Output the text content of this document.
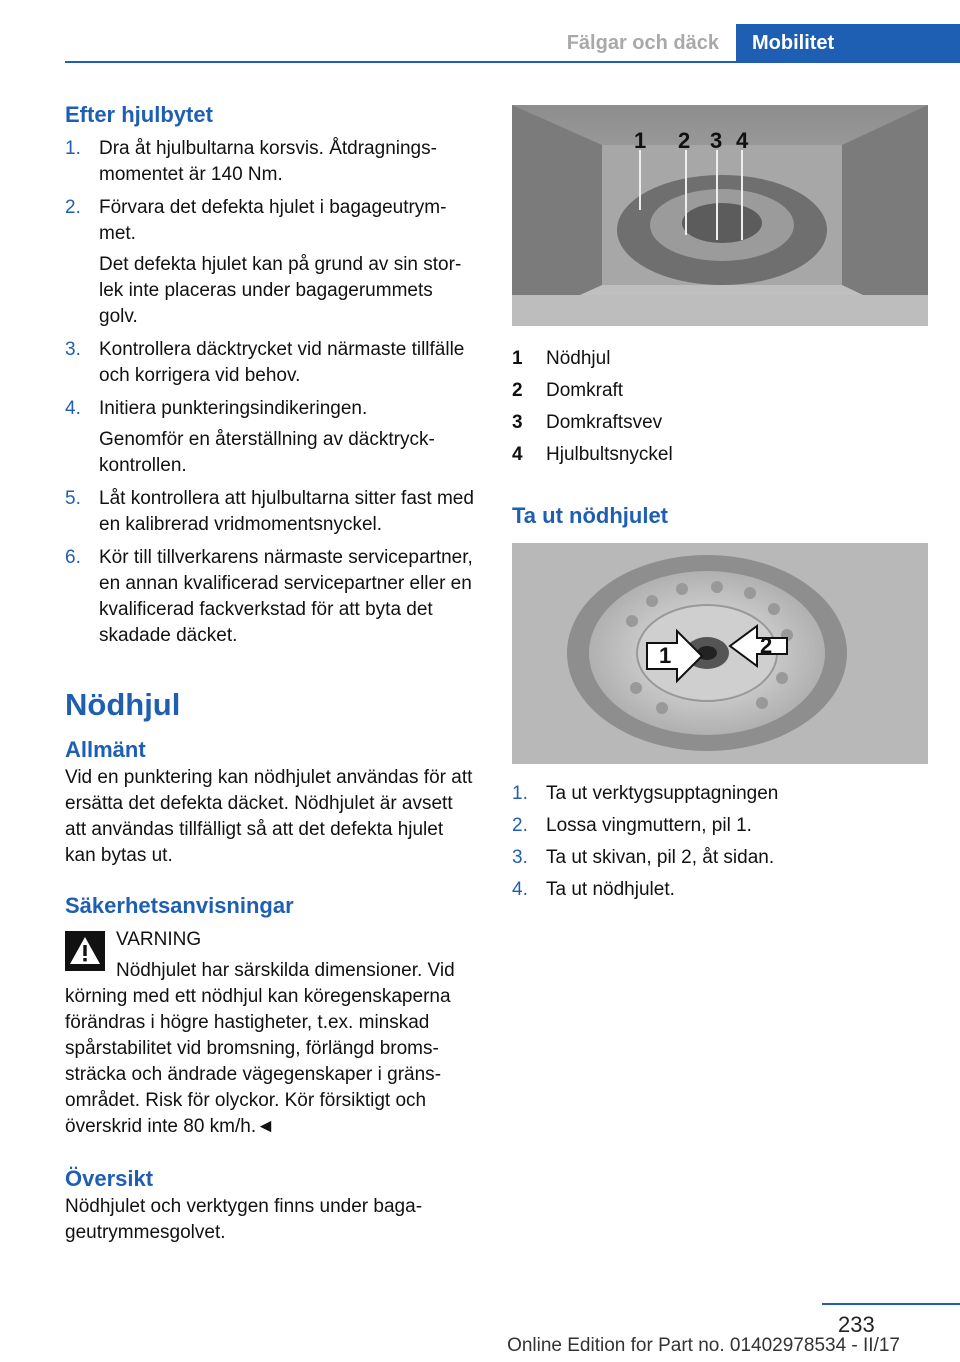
Fälgar och däck	Mobilitet
Efter hjulbytet
1. Dra åt hjulbultarna korsvis. Åtdragningsmomentet är 140 Nm.
2. Förvara det defekta hjulet i bagageutrymmet.
Det defekta hjulet kan på grund av sin storlek inte placeras under bagagerummets golv.
3. Kontrollera däcktrycket vid närmaste tillfälle och korrigera vid behov.
4. Initiera punkteringsindikeringen.
Genomför en återställning av däcktryckkontrollen.
5. Låt kontrollera att hjulbultarna sitter fast med en kalibrerad vridmomentsnyckel.
6. Kör till tillverkarens närmaste servicepartner, en annan kvalificerad servicepartner eller en kvalificerad fackverkstad för att byta det skadade däcket.
Nödhjul
Allmänt
Vid en punktering kan nödhjulet användas för att ersätta det defekta däcket. Nödhjulet är avsett att användas tillfälligt så att det defekta hjulet kan bytas ut.
Säkerhetsanvisningar
VARNING
Nödhjulet har särskilda dimensioner. Vid
körning med ett nödhjul kan köregenskaperna förändras i högre hastigheter, t.ex. minskad spårstabilitet vid bromsning, förlängd bromssträcka och ändrade vägegenskaper i gränsområdet. Risk för olyckor. Kör försiktigt och överskrid inte 80 km/h.◄
Översikt
Nödhjulet och verktygen finns under bagageutrymmesgolvet.
1 2 3 4
1	Nödhjul
2	Domkraft
3	Domkraftsvev
4	Hjulbultsnyckel
Ta ut nödhjulet
1	2
1. Ta ut verktygsupptagningen
2. Lossa vingmuttern, pil 1.
3. Ta ut skivan, pil 2, åt sidan.
4. Ta ut nödhjulet.
233
Online Edition for Part no. 01402978534 - II/17
